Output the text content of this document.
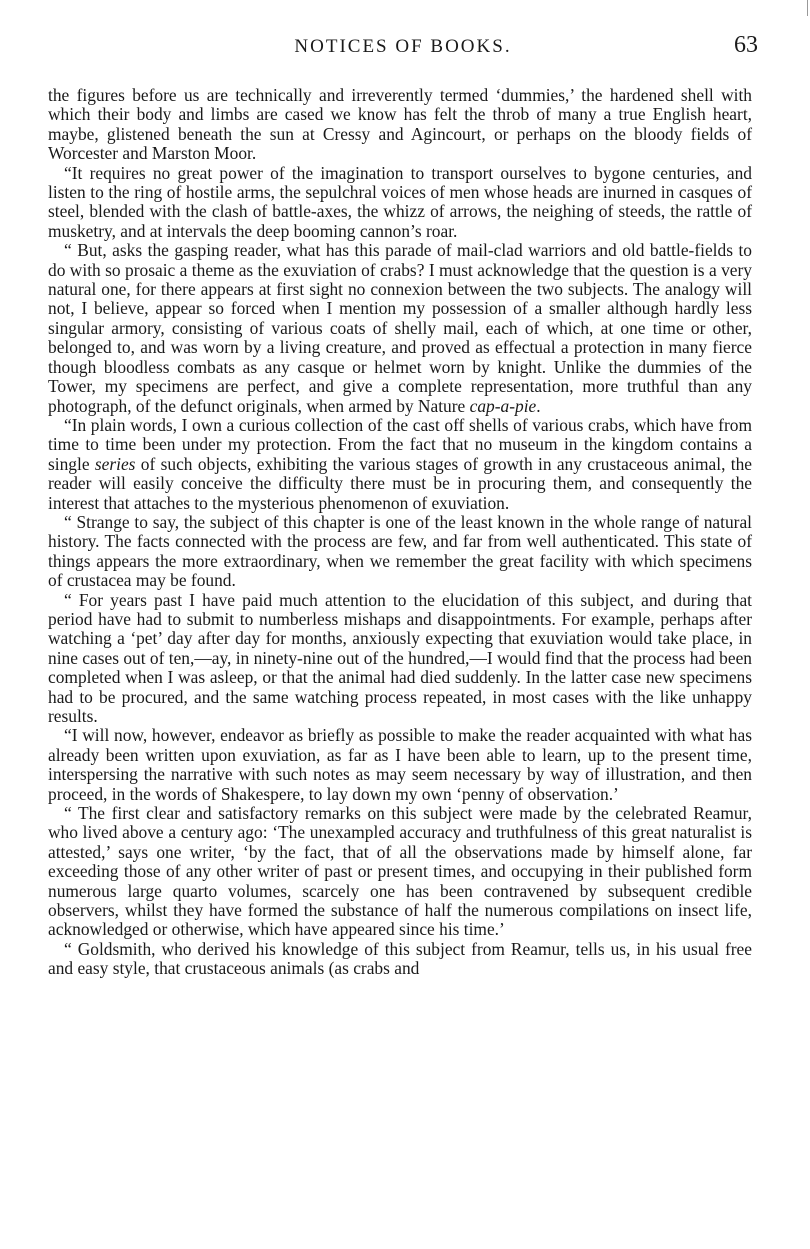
NOTICES OF BOOKS.	63

the figures before us are technically and irreverently termed ‘dummies,’ the hardened shell with which their body and limbs are cased we know has felt the throb of many a true English heart, maybe, glistened beneath the sun at Cressy and Agincourt, or perhaps on the bloody fields of Worcester and Marston Moor.

“It requires no great power of the imagination to transport ourselves to bygone centuries, and listen to the ring of hostile arms, the sepulchral voices of men whose heads are inurned in casques of steel, blended with the clash of battle-axes, the whizz of arrows, the neighing of steeds, the rattle of musketry, and at intervals the deep booming cannon’s roar.

“ But, asks the gasping reader, what has this parade of mail-clad warriors and old battle-fields to do with so prosaic a theme as the exuviation of crabs? I must acknowledge that the question is a very natural one, for there appears at first sight no connexion between the two subjects. The analogy will not, I believe, appear so forced when I mention my possession of a smaller although hardly less singular armory, consisting of various coats of shelly mail, each of which, at one time or other, belonged to, and was worn by a living creature, and proved as effectual a protection in many fierce though bloodless combats as any casque or helmet worn by knight. Unlike the dummies of the Tower, my specimens are perfect, and give a complete representation, more truthful than any photograph, of the defunct originals, when armed by Nature cap-a-pie.

“In plain words, I own a curious collection of the cast off shells of various crabs, which have from time to time been under my protection. From the fact that no museum in the kingdom contains a single series of such objects, exhibiting the various stages of growth in any crustaceous animal, the reader will easily conceive the difficulty there must be in procuring them, and consequently the interest that attaches to the mysterious phenomenon of exuviation.

“ Strange to say, the subject of this chapter is one of the least known in the whole range of natural history. The facts connected with the process are few, and far from well authenticated. This state of things appears the more extraordinary, when we remember the great facility with which specimens of crustacea may be found.

“ For years past I have paid much attention to the elucidation of this subject, and during that period have had to submit to numberless mishaps and disappointments. For example, perhaps after watching a ‘pet’ day after day for months, anxiously expecting that exuviation would take place, in nine cases out of ten,—ay, in ninety-nine out of the hundred,—I would find that the process had been completed when I was asleep, or that the animal had died suddenly. In the latter case new specimens had to be procured, and the same watching process repeated, in most cases with the like unhappy results.

“I will now, however, endeavor as briefly as possible to make the reader acquainted with what has already been written upon exuviation, as far as I have been able to learn, up to the present time, interspersing the narrative with such notes as may seem necessary by way of illustration, and then proceed, in the words of Shakespere, to lay down my own ‘penny of observation.’

“ The first clear and satisfactory remarks on this subject were made by the celebrated Reamur, who lived above a century ago: ‘The unexampled accuracy and truthfulness of this great naturalist is attested,’ says one writer, ‘by the fact, that of all the observations made by himself alone, far exceeding those of any other writer of past or present times, and occupying in their published form numerous large quarto volumes, scarcely one has been contravened by subsequent credible observers, whilst they have formed the substance of half the numerous compilations on insect life, acknowledged or otherwise, which have appeared since his time.’

“ Goldsmith, who derived his knowledge of this subject from Reamur, tells us, in his usual free and easy style, that crustaceous animals (as crabs and
